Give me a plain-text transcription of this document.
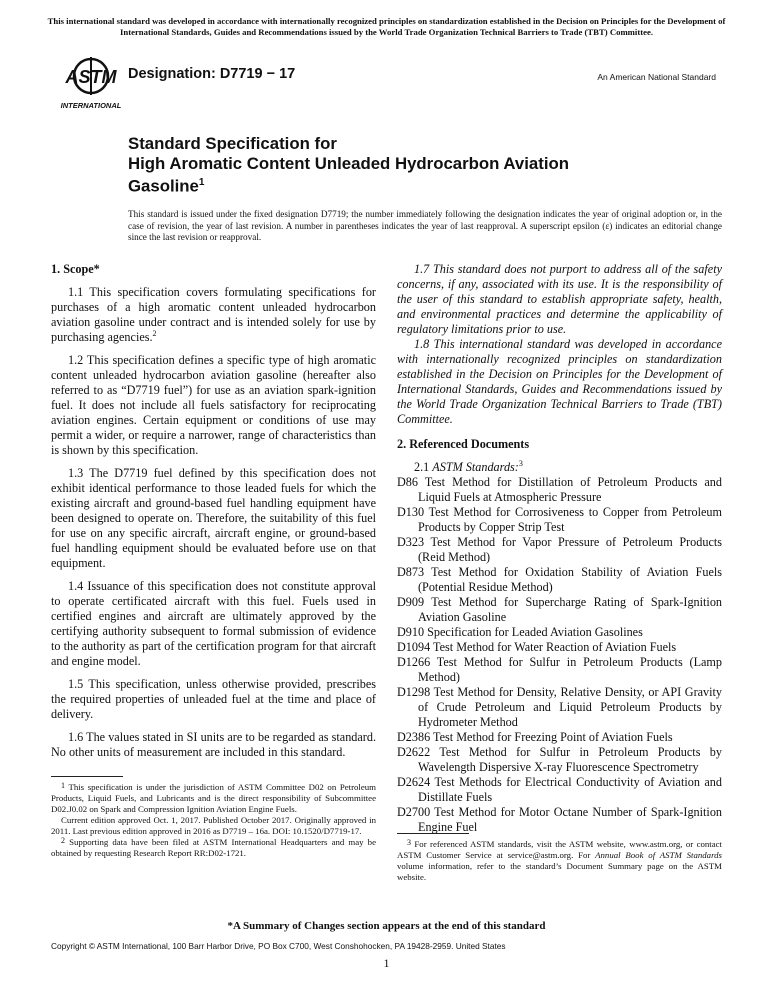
This international standard was developed in accordance with internationally recognized principles on standardization established in the Decision on Principles for the Development of International Standards, Guides and Recommendations issued by the World Trade Organization Technical Barriers to Trade (TBT) Committee.
ASTM
INTERNATIONAL
Designation: D7719 − 17	An American National Standard

Standard Specification for

High Aromatic Content Unleaded Hydrocarbon Aviation

Gasoline$^1$

This standard is issued under the fixed designation D7719; the number immediately following the designation indicates the year of original adoption or, in the case of revision, the year of last revision. A number in parentheses indicates the year of last reapproval. A superscript epsilon (ε) indicates an editorial change since the last revision or reapproval.
1. Scope*

1.1 This specification covers formulating specifications for purchases of a high aromatic content unleaded hydrocarbon aviation gasoline under contract and is intended solely for use by purchasing agencies.$^2$

1.2 This specification defines a specific type of high aromatic content unleaded hydrocarbon aviation gasoline (hereafter also referred to as “D7719 fuel”) for use as an aviation spark-ignition fuel. It does not include all fuels satisfactory for reciprocating aviation engines. Certain equipment or conditions of use may permit a wider, or require a narrower, range of characteristics than is shown by this specification.

1.3 The D7719 fuel defined by this specification does not exhibit identical performance to those leaded fuels for which the existing aircraft and ground-based fuel handling equipment have been designed to operate on. Therefore, the suitability of this fuel for use on any specific aircraft, aircraft engine, or ground-based fuel handling equipment should be evaluated before use on that equipment.

1.4 Issuance of this specification does not constitute approval to operate certificated aircraft with this fuel. Fuels used in certified engines and aircraft are ultimately approved by the certifying authority subsequent to formal submission of evidence to the authority as part of the certification program for that aircraft and engine model.

1.5 This specification, unless otherwise provided, prescribes the required properties of unleaded fuel at the time and place of delivery.

1.6 The values stated in SI units are to be regarded as standard. No other units of measurement are included in this standard.

1.7 This standard does not purport to address all of the safety concerns, if any, associated with its use. It is the responsibility of the user of this standard to establish appropriate safety, health, and environmental practices and determine the applicability of regulatory limitations prior to use.

1.8 This international standard was developed in accordance with internationally recognized principles on standardization established in the Decision on Principles for the Development of International Standards, Guides and Recommendations issued by the World Trade Organization Technical Barriers to Trade (TBT) Committee.

2. Referenced Documents
2.1 ASTM Standards:$^3$
D86 Test Method for Distillation of Petroleum Products and Liquid Fuels at Atmospheric Pressure
D130 Test Method for Corrosiveness to Copper from Petroleum Products by Copper Strip Test
D323 Test Method for Vapor Pressure of Petroleum Products (Reid Method)
D873 Test Method for Oxidation Stability of Aviation Fuels (Potential Residue Method)
D909 Test Method for Supercharge Rating of Spark-Ignition Aviation Gasoline
D910 Specification for Leaded Aviation Gasolines
D1094 Test Method for Water Reaction of Aviation Fuels
D1266 Test Method for Sulfur in Petroleum Products (Lamp Method)
D1298 Test Method for Density, Relative Density, or API Gravity of Crude Petroleum and Liquid Petroleum Products by Hydrometer Method
D2386 Test Method for Freezing Point of Aviation Fuels
D2622 Test Method for Sulfur in Petroleum Products by Wavelength Dispersive X-ray Fluorescence Spectrometry
D2624 Test Methods for Electrical Conductivity of Aviation and Distillate Fuels
D2700 Test Method for Motor Octane Number of Spark-Ignition Engine Fuel

$^1$ This specification is under the jurisdiction of ASTM Committee D02 on Petroleum Products, Liquid Fuels, and Lubricants and is the direct responsibility of Subcommittee D02.J0.02 on Spark and Compression Ignition Aviation Engine Fuels.

Current edition approved Oct. 1, 2017. Published October 2017. Originally approved in 2011. Last previous edition approved in 2016 as D7719 – 16a. DOI: 10.1520/D7719-17.

$^2$ Supporting data have been filed at ASTM International Headquarters and may be obtained by requesting Research Report RR:D02-1721.

$^3$ For referenced ASTM standards, visit the ASTM website, www.astm.org, or contact ASTM Customer Service at service@astm.org. For Annual Book of ASTM Standards volume information, refer to the standard’s Document Summary page on the ASTM website.

*A Summary of Changes section appears at the end of this standard
Copyright © ASTM International, 100 Barr Harbor Drive, PO Box C700, West Conshohocken, PA 19428-2959. United States
1
